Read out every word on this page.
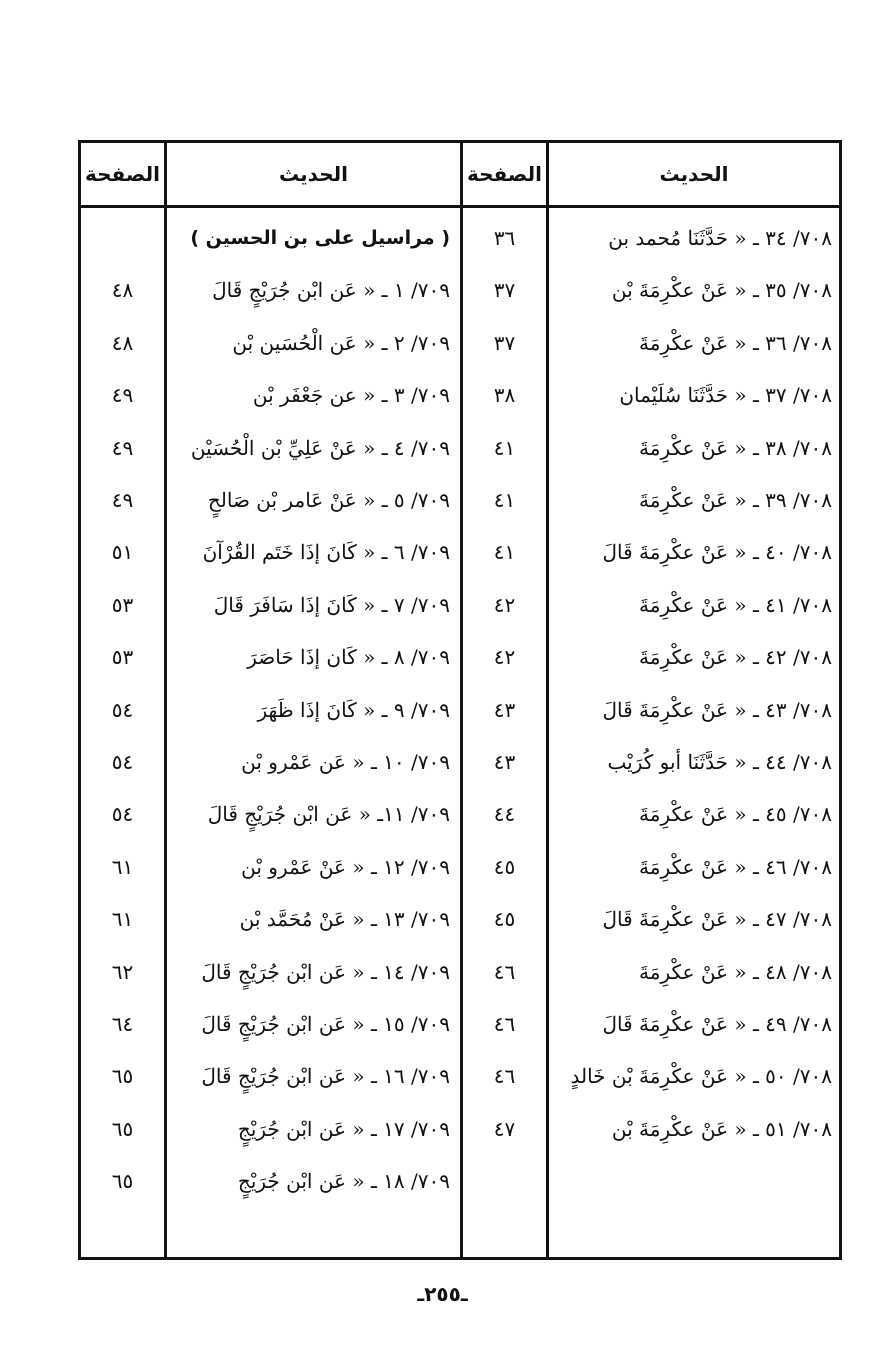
الحديث
الصفحة
الحديث
الصفحة
٧٠٨/ ٣٤ ـ « حَدَّثَنَا مُحمد بن
٣٦
٧٠٨/ ٣٥ ـ « عَنْ عكْرِمَةَ بْن
٣٧
٧٠٨/ ٣٦ ـ « عَنْ عكْرِمَةَ
٣٧
٧٠٨/ ٣٧ ـ « حَدَّثَنَا سُلَيْمان
٣٨
٧٠٨/ ٣٨ ـ « عَنْ عكْرِمَةَ
٤١
٧٠٨/ ٣٩ ـ « عَنْ عكْرِمَةَ
٤١
٧٠٨/ ٤٠ ـ « عَنْ عكْرِمَةَ قَالَ
٤١
٧٠٨/ ٤١ ـ « عَنْ عكْرِمَةَ
٤٢
٧٠٨/ ٤٢ ـ « عَنْ عكْرِمَةَ
٤٢
٧٠٨/ ٤٣ ـ « عَنْ عكْرِمَةَ قَالَ
٤٣
٧٠٨/ ٤٤ ـ « حَدَّثَنَا أبو كُرَيْب
٤٣
٧٠٨/ ٤٥ ـ « عَنْ عكْرِمَةَ
٤٤
٧٠٨/ ٤٦ ـ « عَنْ عكْرِمَةَ
٤٥
٧٠٨/ ٤٧ ـ « عَنْ عكْرِمَةَ قَالَ
٤٥
٧٠٨/ ٤٨ ـ « عَنْ عكْرِمَةَ
٤٦
٧٠٨/ ٤٩ ـ « عَنْ عكْرِمَةَ قَالَ
٤٦
٧٠٨/ ٥٠ ـ « عَنْ عكْرِمَةَ بْن خَالدٍ
٤٦
٧٠٨/ ٥١ ـ « عَنْ عكْرِمَةَ بْن
٤٧
( مراسيل على بن الحسين )
٧٠٩/ ١ ـ « عَن ابْن جُرَيْجٍ قَالَ
٤٨
٧٠٩/ ٢ ـ « عَن الْحُسَين بْن
٤٨
٧٠٩/ ٣ ـ « عن جَعْفَر بْن
٤٩
٧٠٩/ ٤ ـ « عَنْ عَلِيِّ بْن الْحُسَيْن
٤٩
٧٠٩/ ٥ ـ « عَنْ عَامر بْن صَالحٍ
٤٩
٧٠٩/ ٦ ـ « كَانَ إذَا خَتَم القُرْآنَ
٥١
٧٠٩/ ٧ ـ « كَانَ إذَا سَافَرَ قَالَ
٥٣
٧٠٩/ ٨ ـ « كَان إذَا حَاصَرَ
٥٣
٧٠٩/ ٩ ـ « كَانَ إذَا ظَهَرَ
٥٤
٧٠٩/ ١٠ ـ « عَن عَمْرو بْن
٥٤
٧٠٩/ ١١ـ « عَن ابْن جُرَيْجٍ قَالَ
٥٤
٧٠٩/ ١٢ ـ « عَنْ عَمْرو بْن
٦١
٧٠٩/ ١٣ ـ « عَنْ مُحَمَّد بْن
٦١
٧٠٩/ ١٤ ـ « عَن ابْن جُرَيْجٍ قَالَ
٦٢
٧٠٩/ ١٥ ـ « عَن ابْن جُرَيْجٍ قَالَ
٦٤
٧٠٩/ ١٦ ـ « عَن ابْن جُرَيْجٍ قَالَ
٦٥
٧٠٩/ ١٧ ـ « عَن ابْن جُرَيْجٍ
٦٥
٧٠٩/ ١٨ ـ « عَن ابْن جُرَيْجٍ
٦٥
ـ٢٥٥ـ
